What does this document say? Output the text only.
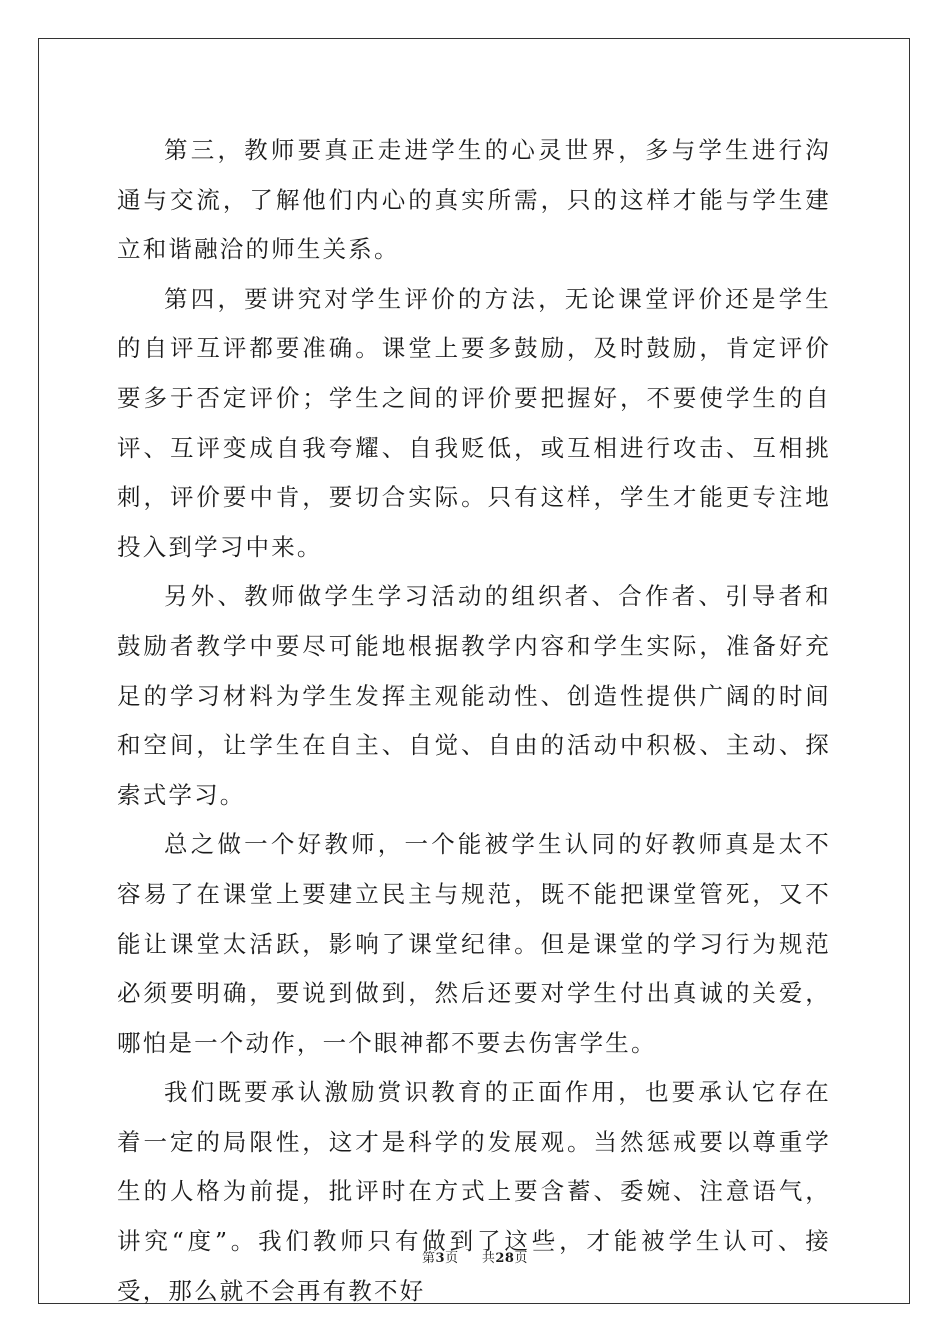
第三，教师要真正走进学生的心灵世界，多与学生进行沟通与交流，了解他们内心的真实所需，只的这样才能与学生建立和谐融洽的师生关系。

第四，要讲究对学生评价的方法，无论课堂评价还是学生的自评互评都要准确。课堂上要多鼓励，及时鼓励，肯定评价要多于否定评价；学生之间的评价要把握好，不要使学生的自评、互评变成自我夸耀、自我贬低，或互相进行攻击、互相挑刺，评价要中肯，要切合实际。只有这样，学生才能更专注地投入到学习中来。

另外、教师做学生学习活动的组织者、合作者、引导者和鼓励者教学中要尽可能地根据教学内容和学生实际，准备好充足的学习材料为学生发挥主观能动性、创造性提供广阔的时间和空间，让学生在自主、自觉、自由的活动中积极、主动、探索式学习。

总之做一个好教师，一个能被学生认同的好教师真是太不容易了在课堂上要建立民主与规范，既不能把课堂管死，又不能让课堂太活跃，影响了课堂纪律。但是课堂的学习行为规范必须要明确，要说到做到，然后还要对学生付出真诚的关爱，哪怕是一个动作，一个眼神都不要去伤害学生。

我们既要承认激励赏识教育的正面作用，也要承认它存在着一定的局限性，这才是科学的发展观。当然惩戒要以尊重学生的人格为前提，批评时在方式上要含蓄、委婉、注意语气，讲究“度”。我们教师只有做到了这些，才能被学生认可、接受，那么就不会再有教不好

第3页 共28页
